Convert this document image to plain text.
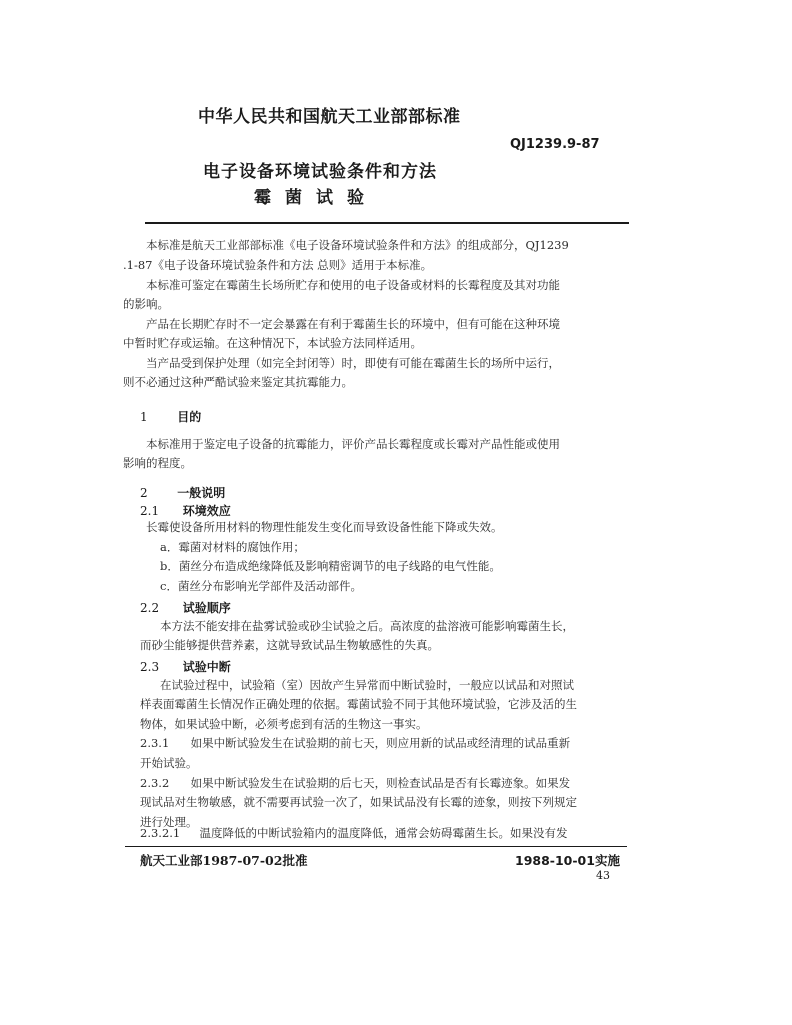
中华人民共和国航天工业部部标准
QJ1239.9-87
电子设备环境试验条件和方法
霉菌试验
本标准是航天工业部部标准《电子设备环境试验条件和方法》的组成部分，QJ1239
.1-87《电子设备环境试验条件和方法 总则》适用于本标准。
本标准可鉴定在霉菌生长场所贮存和使用的电子设备或材料的长霉程度及其对功能
的影响。
产品在长期贮存时不一定会暴露在有利于霉菌生长的环境中，但有可能在这种环境
中暂时贮存或运输。在这种情况下，本试验方法同样适用。
当产品受到保护处理（如完全封闭等）时，即使有可能在霉菌生长的场所中运行，
则不必通过这种严酷试验来鉴定其抗霉能力。
1 目的
本标准用于鉴定电子设备的抗霉能力，评价产品长霉程度或长霉对产品性能或使用
影响的程度。
2 一般说明
2.1 环境效应
长霉使设备所用材料的物理性能发生变化而导致设备性能下降或失效。
a．霉菌对材料的腐蚀作用；
b．菌丝分布造成绝缘降低及影响精密调节的电子线路的电气性能。
c．菌丝分布影响光学部件及活动部件。
2.2 试验顺序
本方法不能安排在盐雾试验或砂尘试验之后。高浓度的盐溶液可能影响霉菌生长，
而砂尘能够提供营养素，这就导致试品生物敏感性的失真。
2.3 试验中断
在试验过程中，试验箱（室）因故产生异常而中断试验时，一般应以试品和对照试
样表面霉菌生长情况作正确处理的依据。霉菌试验不同于其他环境试验，它涉及活的生
物体，如果试验中断，必须考虑到有活的生物这一事实。
2.3.1 如果中断试验发生在试验期的前七天，则应用新的试品或经清理的试品重新
开始试验。
2.3.2 如果中断试验发生在试验期的后七天，则检查试品是否有长霉迹象。如果发
现试品对生物敏感，就不需要再试验一次了，如果试品没有长霉的迹象，则按下列规定
进行处理。
2.3.2.1 温度降低的中断试验箱内的温度降低，通常会妨碍霉菌生长。如果没有发
航天工业部1987-07-02批准	1988-10-01实施
43
